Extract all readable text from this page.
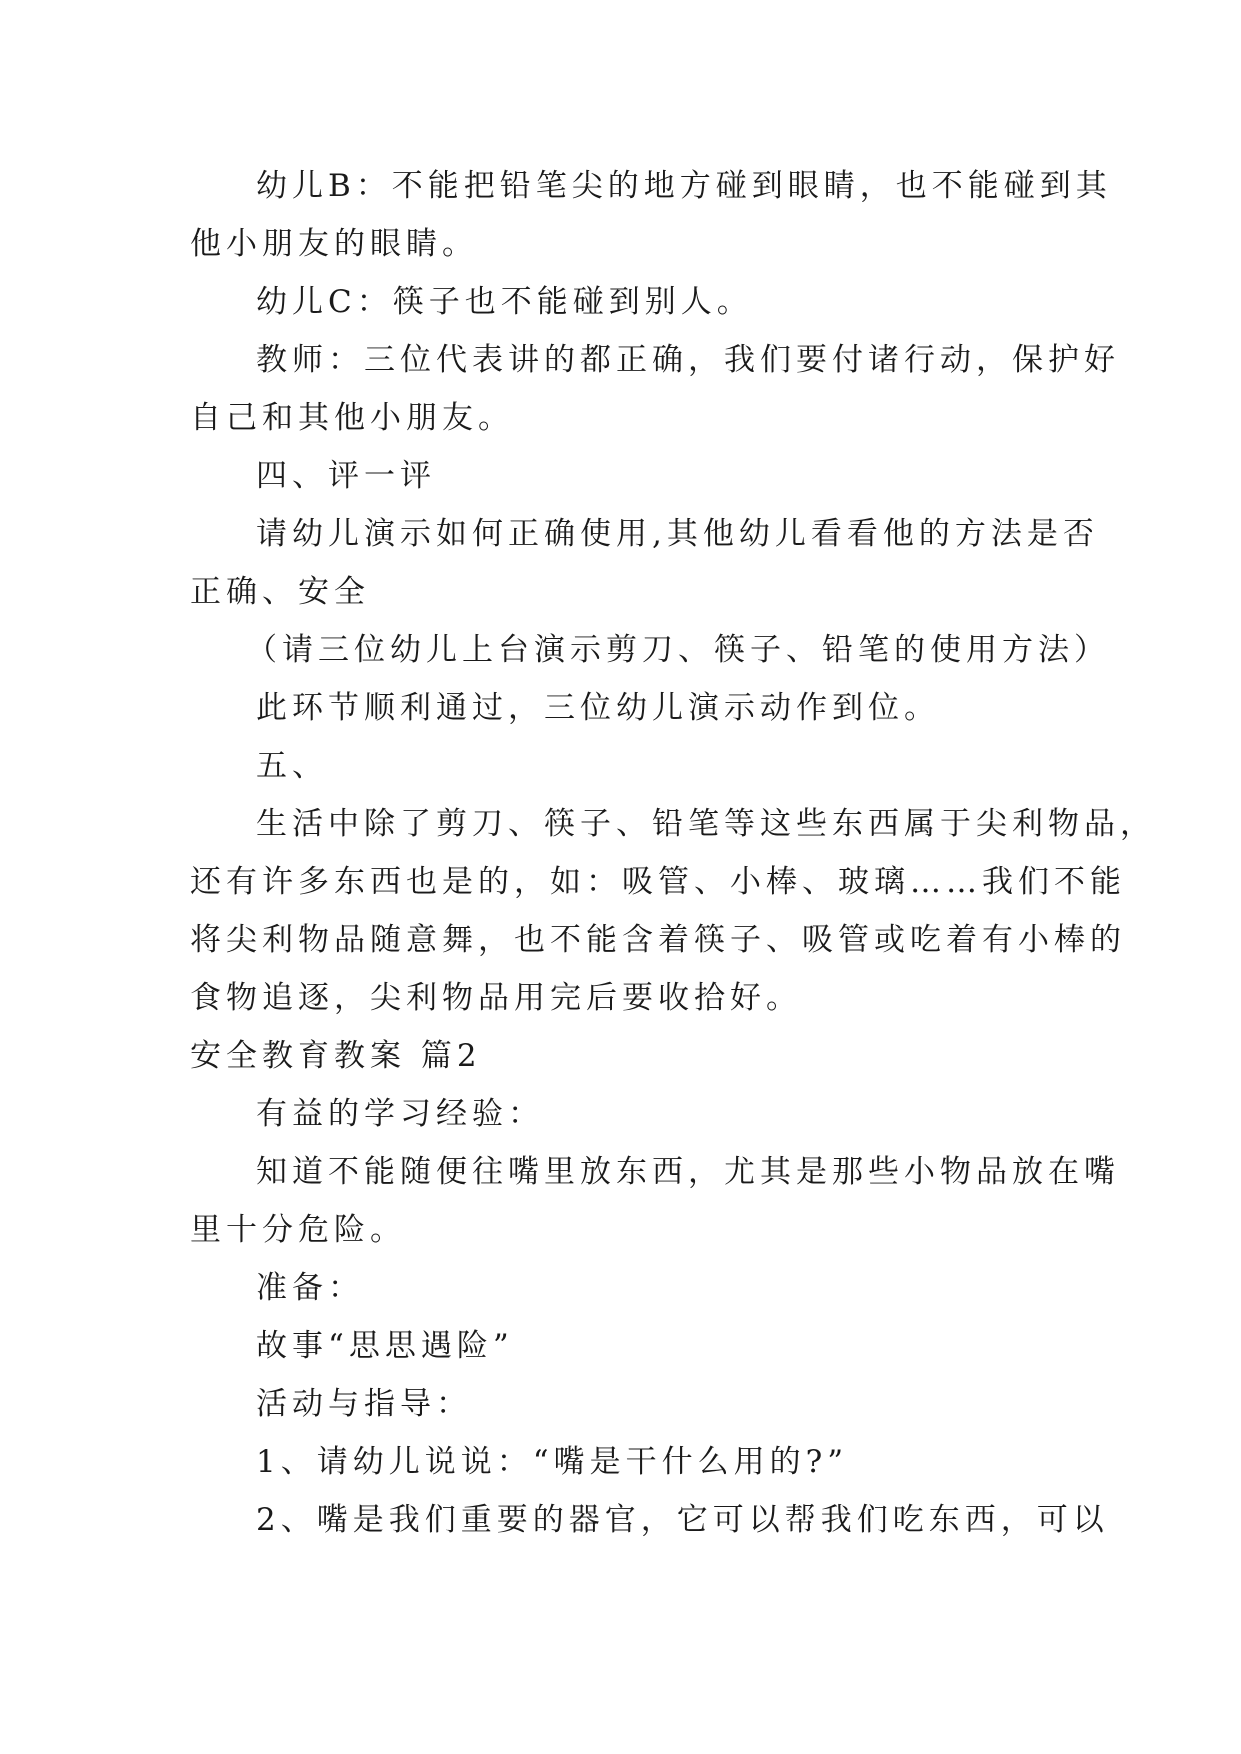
幼儿B：不能把铅笔尖的地方碰到眼睛，也不能碰到其
他小朋友的眼睛。
幼儿C：筷子也不能碰到别人。
教师：三位代表讲的都正确，我们要付诸行动，保护好
自己和其他小朋友。
四、评一评
请幼儿演示如何正确使用,其他幼儿看看他的方法是否
正确、安全
（请三位幼儿上台演示剪刀、筷子、铅笔的使用方法）
此环节顺利通过，三位幼儿演示动作到位。
五、
生活中除了剪刀、筷子、铅笔等这些东西属于尖利物品，
还有许多东西也是的，如：吸管、小棒、玻璃……我们不能
将尖利物品随意舞，也不能含着筷子、吸管或吃着有小棒的
食物追逐，尖利物品用完后要收拾好。
安全教育教案 篇2
有益的学习经验：
知道不能随便往嘴里放东西，尤其是那些小物品放在嘴
里十分危险。
准备：
故事“思思遇险”
活动与指导：
1、请幼儿说说：“嘴是干什么用的?”
2、嘴是我们重要的器官，它可以帮我们吃东西，可以
